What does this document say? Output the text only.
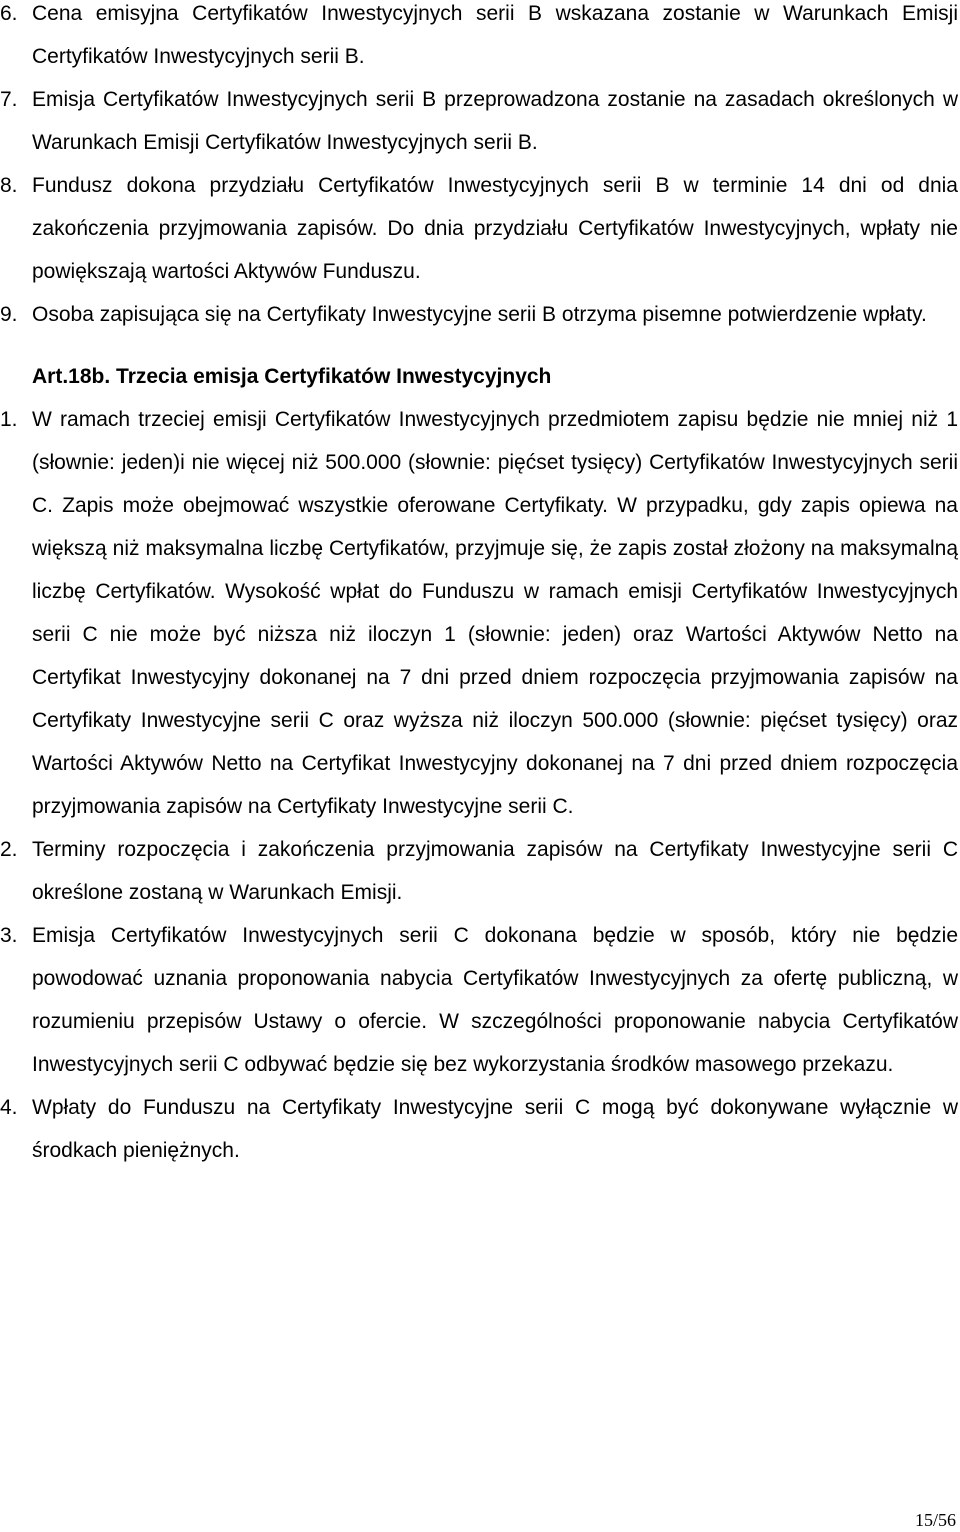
6. Cena emisyjna Certyfikatów Inwestycyjnych serii B wskazana zostanie w Warunkach Emisji Certyfikatów Inwestycyjnych serii B.
7. Emisja Certyfikatów Inwestycyjnych serii B przeprowadzona zostanie na zasadach określonych w Warunkach Emisji Certyfikatów Inwestycyjnych serii B.
8. Fundusz dokona przydziału Certyfikatów Inwestycyjnych serii B w terminie 14 dni od dnia zakończenia przyjmowania zapisów. Do dnia przydziału Certyfikatów Inwestycyjnych, wpłaty nie powiększają wartości Aktywów Funduszu.
9. Osoba zapisująca się na Certyfikaty Inwestycyjne serii B otrzyma pisemne potwierdzenie wpłaty.
Art.18b. Trzecia emisja Certyfikatów Inwestycyjnych
1. W ramach trzeciej emisji Certyfikatów Inwestycyjnych przedmiotem zapisu będzie nie mniej niż 1 (słownie: jeden)i nie więcej niż 500.000 (słownie: pięćset tysięcy) Certyfikatów Inwestycyjnych serii C. Zapis może obejmować wszystkie oferowane Certyfikaty. W przypadku, gdy zapis opiewa na większą niż maksymalna liczbę Certyfikatów, przyjmuje się, że zapis został złożony na maksymalną liczbę Certyfikatów. Wysokość wpłat do Funduszu w ramach emisji Certyfikatów Inwestycyjnych serii C nie może być niższa niż iloczyn 1 (słownie: jeden) oraz Wartości Aktywów Netto na Certyfikat Inwestycyjny dokonanej na 7 dni przed dniem rozpoczęcia przyjmowania zapisów na Certyfikaty Inwestycyjne serii C oraz wyższa niż iloczyn 500.000 (słownie: pięćset tysięcy) oraz Wartości Aktywów Netto na Certyfikat Inwestycyjny dokonanej na 7 dni przed dniem rozpoczęcia przyjmowania zapisów na Certyfikaty Inwestycyjne serii C.
2. Terminy rozpoczęcia i zakończenia przyjmowania zapisów na Certyfikaty Inwestycyjne serii C określone zostaną w Warunkach Emisji.
3. Emisja Certyfikatów Inwestycyjnych serii C dokonana będzie w sposób, który nie będzie powodować uznania proponowania nabycia Certyfikatów Inwestycyjnych za ofertę publiczną, w rozumieniu przepisów Ustawy o ofercie. W szczególności proponowanie nabycia Certyfikatów Inwestycyjnych serii C odbywać będzie się bez wykorzystania środków masowego przekazu.
4. Wpłaty do Funduszu na Certyfikaty Inwestycyjne serii C mogą być dokonywane wyłącznie w środkach pieniężnych.
15/56
